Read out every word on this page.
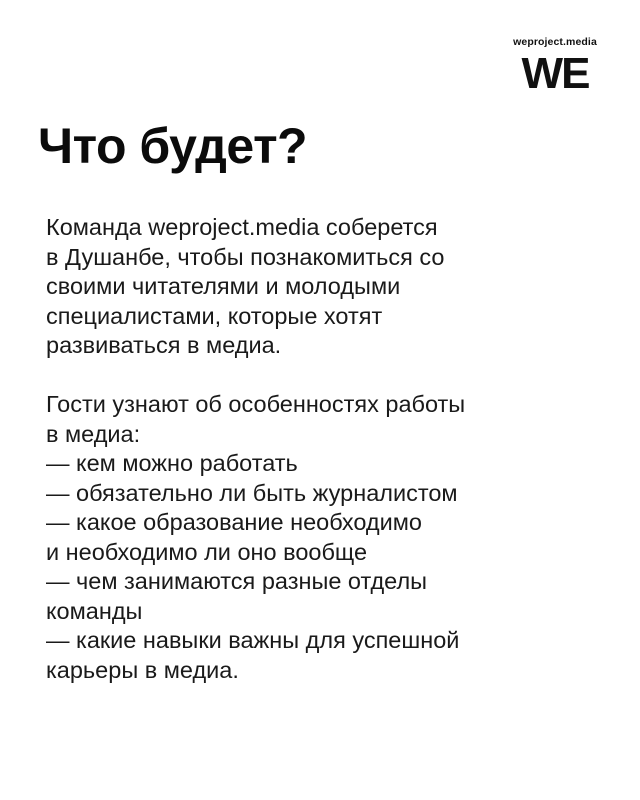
weproject.media
WE
Что будет?
Команда weproject.media соберется
в Душанбе, чтобы познакомиться со
своими читателями и молодыми
специалистами, которые хотят
развиваться в медиа.
Гости узнают об особенностях работы
в медиа:
— кем можно работать
— обязательно ли быть журналистом
— какое образование необходимо
и необходимо ли оно вообще
— чем занимаются разные отделы
команды
— какие навыки важны для успешной
карьеры в медиа.
